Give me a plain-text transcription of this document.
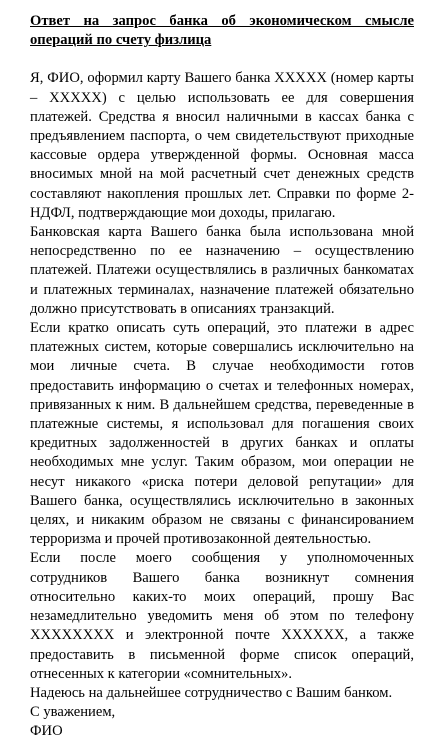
Ответ на запрос банка об экономическом смысле операций по счету физлица

Я, ФИО, оформил карту Вашего банка ХХХХХ (номер карты – ХХХХХ) с целью использовать ее для совершения платежей. Средства я вносил наличными в кассах банка с предъявлением паспорта, о чем свидетельствуют приходные кассовые ордера утвержденной формы. Основная масса вносимых мной на мой расчетный счет денежных средств составляют накопления прошлых лет. Справки по форме 2-НДФЛ, подтверждающие мои доходы, прилагаю.

Банковская карта Вашего банка была использована мной непосредственно по ее назначению – осуществлению платежей. Платежи осуществлялись в различных банкоматах и платежных терминалах, назначение платежей обязательно должно присутствовать в описаниях транзакций.

Если кратко описать суть операций, это платежи в адрес платежных систем, которые совершались исключительно на мои личные счета. В случае необходимости готов предоставить информацию о счетах и телефонных номерах, привязанных к ним. В дальнейшем средства, переведенные в платежные системы, я использовал для погашения своих кредитных задолженностей в других банках и оплаты необходимых мне услуг. Таким образом, мои операции не несут никакого «риска потери деловой репутации» для Вашего банка, осуществлялись исключительно в законных целях, и никаким образом не связаны с финансированием терроризма и прочей противозаконной деятельностью.

Если после моего сообщения у уполномоченных сотрудников Вашего банка возникнут сомнения относительно каких-то моих операций, прошу Вас незамедлительно уведомить меня об этом по телефону ХХХХХХХХ и электронной почте ХХХХХХ, а также предоставить в письменной форме список операций, отнесенных к категории «сомнительных».

Надеюсь на дальнейшее сотрудничество с Вашим банком.

С уважением,

ФИО
